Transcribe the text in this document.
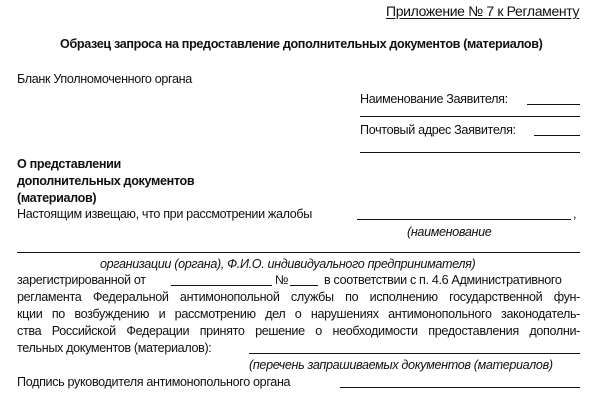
Приложение № 7 к Регламенту
Образец запроса на предоставление дополнительных документов (материалов)
Бланк Уполномоченного органа
Наименование Заявителя:
Почтовый адрес Заявителя:
О представлении
дополнительных документов
(материалов)
Настоящим извещаю, что при рассмотрении жалобы	,
(наименование
организации (органа), Ф.И.О. индивидуального предпринимателя)
зарегистрированной от	№	в соответствии с п. 4.6 Административного
регламента Федеральной антимонопольной службы по исполнению государственной фун-
кции по возбуждению и рассмотрению дел о нарушениях антимонопольного законодатель-
ства Российской Федерации принято решение о необходимости предоставления дополни-
тельных документов (материалов):
(перечень запрашиваемых документов (материалов)
Подпись руководителя антимонопольного органа
